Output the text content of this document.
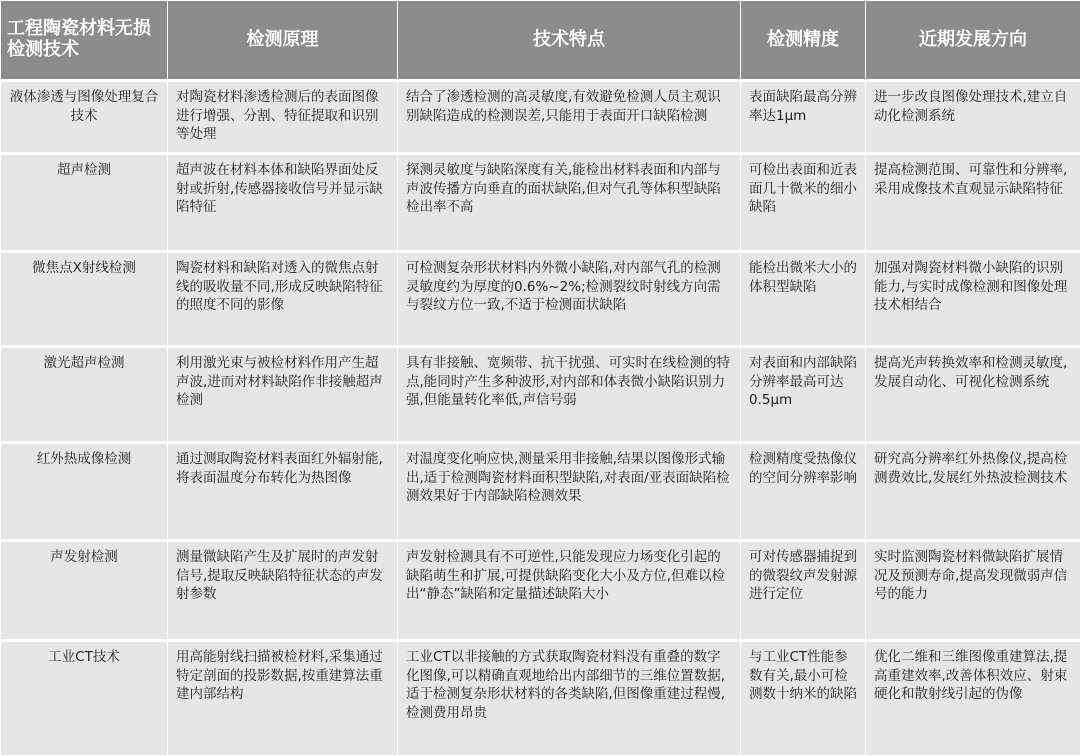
工程陶瓷材料无损检测技术	检测原理	技术特点	检测精度	近期发展方向
液体渗透与图像处理复合技术	对陶瓷材料渗透检测后的表面图像进行增强、分割、特征提取和识别等处理	结合了渗透检测的高灵敏度,有效避免检测人员主观识别缺陷造成的检测误差,只能用于表面开口缺陷检测	表面缺陷最高分辨率达1μm	进一步改良图像处理技术,建立自动化检测系统
超声检测	超声波在材料本体和缺陷界面处反射或折射,传感器接收信号并显示缺陷特征	探测灵敏度与缺陷深度有关,能检出材料表面和内部与声波传播方向垂直的面状缺陷,但对气孔等体积型缺陷检出率不高	可检出表面和近表面几十微米的细小缺陷	提高检测范围、可靠性和分辨率,采用成像技术直观显示缺陷特征
微焦点X射线检测	陶瓷材料和缺陷对透入的微焦点射线的吸收量不同,形成反映缺陷特征的照度不同的影像	可检测复杂形状材料内外微小缺陷,对内部气孔的检测灵敏度约为厚度的0.6%~2%;检测裂纹时射线方向需与裂纹方位一致,不适于检测面状缺陷	能检出微米大小的体积型缺陷	加强对陶瓷材料微小缺陷的识别能力,与实时成像检测和图像处理技术相结合
激光超声检测	利用激光束与被检材料作用产生超声波,进而对材料缺陷作非接触超声检测	具有非接触、宽频带、抗干扰强、可实时在线检测的特点,能同时产生多种波形,对内部和体表微小缺陷识别力强,但能量转化率低,声信号弱	对表面和内部缺陷分辨率最高可达0.5μm	提高光声转换效率和检测灵敏度,发展自动化、可视化检测系统
红外热成像检测	通过测取陶瓷材料表面红外辐射能,将表面温度分布转化为热图像	对温度变化响应快,测量采用非接触,结果以图像形式输出,适于检测陶瓷材料面积型缺陷,对表面/亚表面缺陷检测效果好于内部缺陷检测效果	检测精度受热像仪的空间分辨率影响	研究高分辨率红外热像仪,提高检测费效比,发展红外热波检测技术
声发射检测	测量微缺陷产生及扩展时的声发射信号,提取反映缺陷特征状态的声发射参数	声发射检测具有不可逆性,只能发现应力场变化引起的缺陷萌生和扩展,可提供缺陷变化大小及方位,但难以检出“静态”缺陷和定量描述缺陷大小	可对传感器捕捉到的微裂纹声发射源进行定位	实时监测陶瓷材料微缺陷扩展情况及预测寿命,提高发现微弱声信号的能力
工业CT技术	用高能射线扫描被检材料,采集通过特定剖面的投影数据,按重建算法重建内部结构	工业CT以非接触的方式获取陶瓷材料没有重叠的数字化图像,可以精确直观地给出内部细节的三维位置数据,适于检测复杂形状材料的各类缺陷,但图像重建过程慢,检测费用昂贵	与工业CT性能参数有关,最小可检测数十纳米的缺陷	优化二维和三维图像重建算法,提高重建效率,改善体积效应、射束硬化和散射线引起的伪像
